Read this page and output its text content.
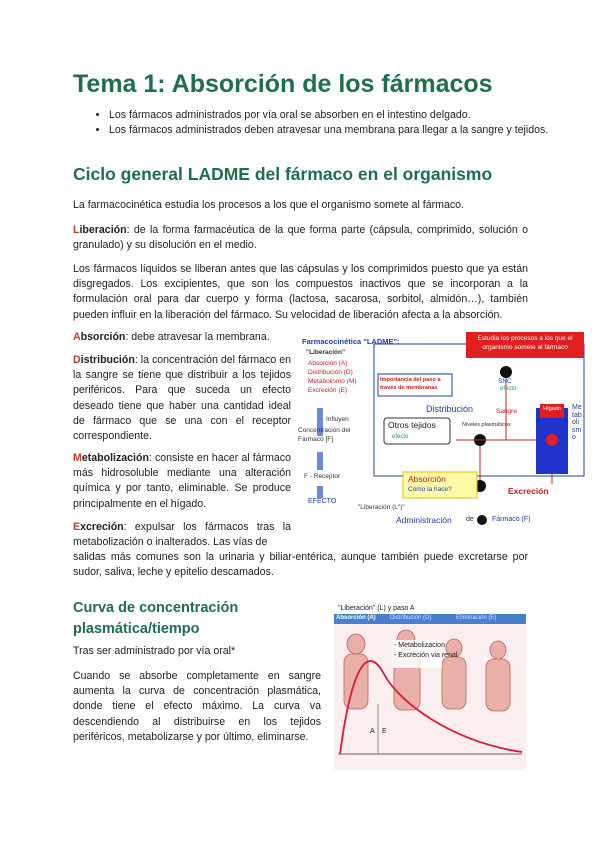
Tema 1: Absorción de los fármacos
• Los fármacos administrados por vía oral se absorben en el intestino delgado.
• Los fármacos administrados deben atravesar una membrana para llegar a la sangre y tejidos.
Ciclo general LADME del fármaco en el organismo

La farmacocinética estudia los procesos a los que el organismo somete al fármaco.

Liberación: de la forma farmacéutica de la que forma parte (cápsula, comprimido, solución o granulado) y su disolución en el medio.

Los fármacos líquidos se liberan antes que las cápsulas y los comprimidos puesto que ya están disgregados. Los excipientes, que son los compuestos inactivos que se incorporan a la formulación oral para dar cuerpo y forma (lactosa, sacarosa, sorbitol, almidón…), también pueden influir en la liberación del fármaco. Su velocidad de liberación afecta a la absorción.

Absorción: debe atravesar la membrana.

Distribución: la concentración del fármaco en la sangre se tiene que distribuir a los tejidos periféricos. Para que suceda un efecto deseado tiene que haber una cantidad ideal de fármaco que se una con el receptor correspondiente.

Metabolización: consiste en hacer al fármaco más hidrosoluble mediante una alteración química y por tanto, eliminable. Se produce principalmente en el hígado.

Excreción: expulsar los fármacos tras la metabolización o inalterados. Las vías de

salidas más comunes son la urinaria y biliar-entérica, aunque también puede excretarse por sudor, saliva, leche y epitelio descamados.

Farmacocinética "LADME":
"Liberación"
Absorción (A)
Distribución (D)
Metabolismo (M)
Excreción (E)
Estudia los procesos a los que el organismo somete al fármaco
Importancia del paso a través de membranas
Influyen
Concentración del Fármaco [F]
F - Receptor
EFECTO
SNC
efecto
Distribución	Sangre
Otros tejidos
efecto
Niveles plasmáticos
Hígado	Metabolismo
Absorción
Cómo la hace?	Excreción
"Liberación (L")"
Administración de	Fármaco (F)
Curva de concentración plasmática/tiempo

Tras ser administrado por vía oral*

Cuando se absorbe completamente en sangre aumenta la curva de concentración plasmática, donde tiene el efecto máximo. La curva va descendiendo al distribuirse en los tejidos periféricos, metabolizarse y por último, eliminarse.

"Liberación" (L) y paso A
Absorción (A) Distribución (D)	Eliminación (E)
- Metabolizacion
- Excreción via renal
A E
